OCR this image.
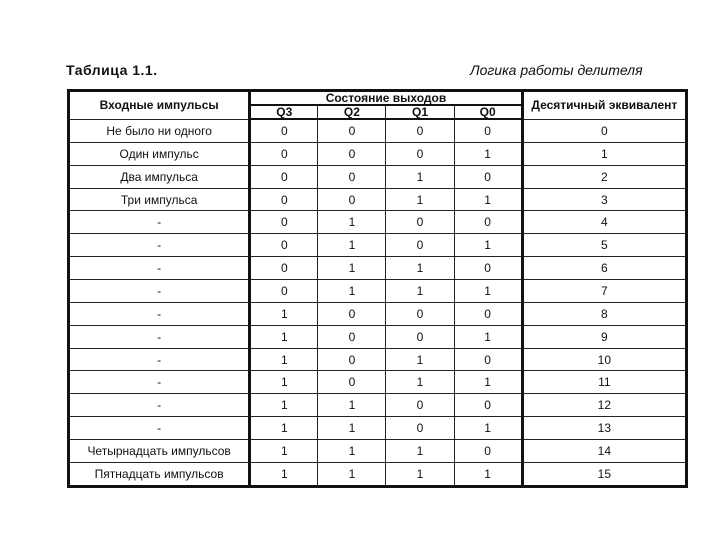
Таблица 1.1.	Логика работы делителя
Входные импульсы	Состояние выходов				Десятичный эквивалент
	Q3	Q2	Q1	Q0	
Не было ни одного	0	0	0	0	0
Один импульс	0	0	0	1	1
Два импульса	0	0	1	0	2
Три импульса	0	0	1	1	3
-	0	1	0	0	4
-	0	1	0	1	5
-	0	1	1	0	6
-	0	1	1	1	7
-	1	0	0	0	8
-	1	0	0	1	9
-	1	0	1	0	10
-	1	0	1	1	11
-	1	1	0	0	12
-	1	1	0	1	13
Четырнадцать импульсов	1	1	1	0	14
Пятнадцать импульсов	1	1	1	1	15
